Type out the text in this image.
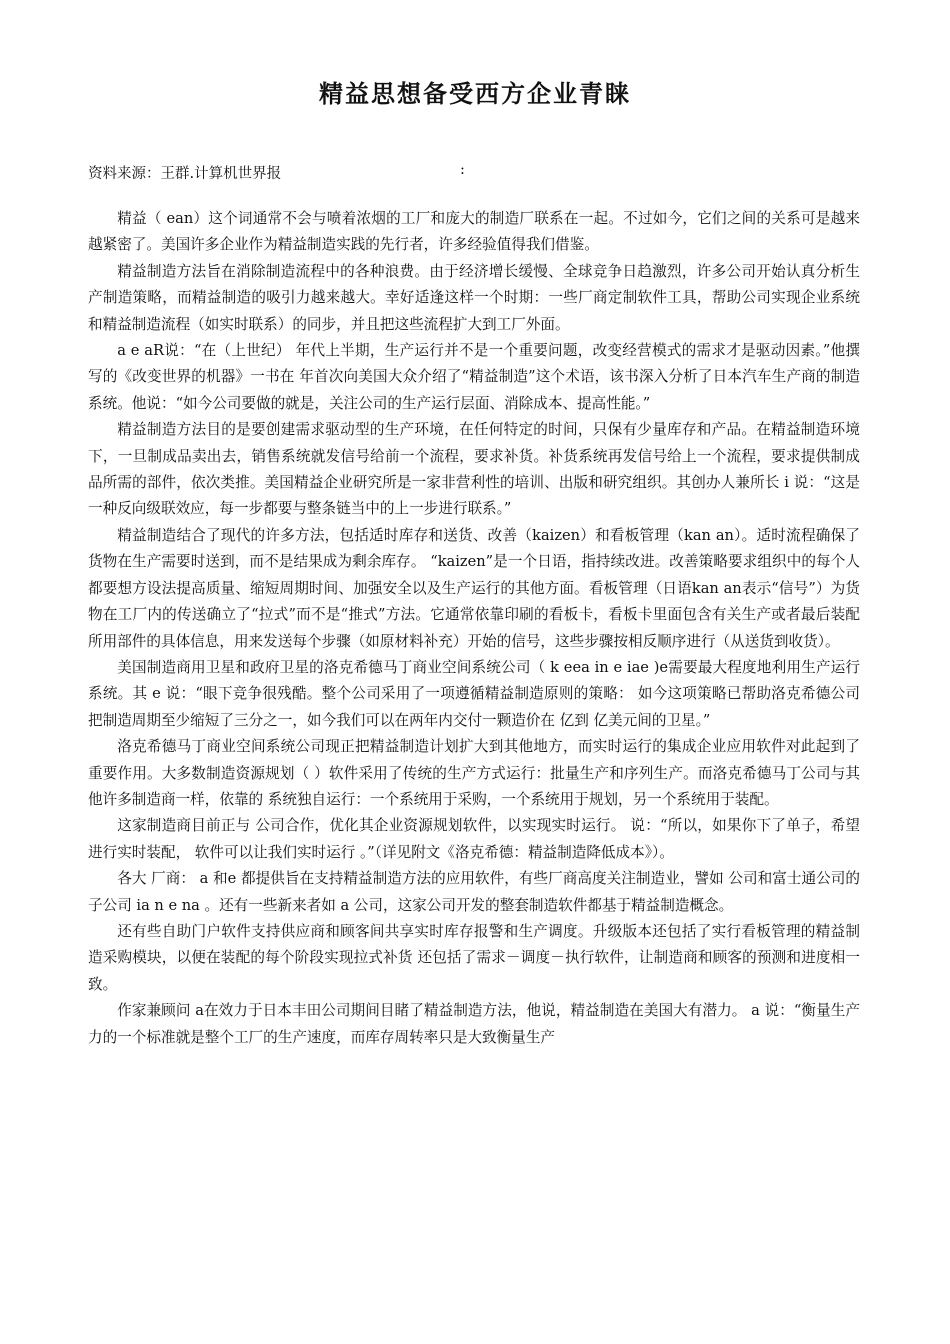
精益思想备受西方企业青睐

资料来源：王群.计算机世界报	:

精益（ ean）这个词通常不会与喷着浓烟的工厂和庞大的制造厂联系在一起。不过如今，它们之间的关系可是越来越紧密了。美国许多企业作为精益制造实践的先行者，许多经验值得我们借鉴。

精益制造方法旨在消除制造流程中的各种浪费。由于经济增长缓慢、全球竞争日趋激烈，许多公司开始认真分析生产制造策略，而精益制造的吸引力越来越大。幸好适逢这样一个时期：一些厂商定制软件工具，帮助公司实现企业系统和精益制造流程（如实时联系）的同步，并且把这些流程扩大到工厂外面。

a e aR说：“在（上世纪） 年代上半期，生产运行并不是一个重要问题，改变经营模式的需求才是驱动因素。”他撰写的《改变世界的机器》一书在 年首次向美国大众介绍了“精益制造”这个术语，该书深入分析了日本汽车生产商的制造系统。他说：“如今公司要做的就是，关注公司的生产运行层面、消除成本、提高性能。”

精益制造方法目的是要创建需求驱动型的生产环境，在任何特定的时间，只保有少量库存和产品。在精益制造环境下，一旦制成品卖出去，销售系统就发信号给前一个流程，要求补货。补货系统再发信号给上一个流程，要求提供制成品所需的部件，依次类推。美国精益企业研究所是一家非营利性的培训、出版和研究组织。其创办人兼所长 i 说：“这是一种反向级联效应，每一步都要与整条链当中的上一步进行联系。”

精益制造结合了现代的许多方法，包括适时库存和送货、改善（kaizen）和看板管理（kan an）。适时流程确保了货物在生产需要时送到，而不是结果成为剩余库存。 “kaizen”是一个日语，指持续改进。改善策略要求组织中的每个人都要想方设法提高质量、缩短周期时间、加强安全以及生产运行的其他方面。看板管理（日语kan an表示“信号”）为货物在工厂内的传送确立了“拉式”而不是“推式”方法。它通常依靠印刷的看板卡，看板卡里面包含有关生产或者最后装配所用部件的具体信息，用来发送每个步骤（如原材料补充）开始的信号，这些步骤按相反顺序进行（从送货到收货）。

美国制造商用卫星和政府卫星的洛克希德马丁商业空间系统公司（ k eea in e iae )e需要最大程度地利用生产运行系统。其 e 说：“眼下竞争很残酷。整个公司采用了一项遵循精益制造原则的策略： 如今这项策略已帮助洛克希德公司把制造周期至少缩短了三分之一，如今我们可以在两年内交付一颗造价在 亿到 亿美元间的卫星。”

洛克希德马丁商业空间系统公司现正把精益制造计划扩大到其他地方，而实时运行的集成企业应用软件对此起到了重要作用。大多数制造资源规划（ ）软件采用了传统的生产方式运行：批量生产和序列生产。而洛克希德马丁公司与其他许多制造商一样，依靠的 系统独自运行：一个系统用于采购，一个系统用于规划，另一个系统用于装配。

这家制造商目前正与 公司合作，优化其企业资源规划软件，以实现实时运行。 说：“所以，如果你下了单子，希望进行实时装配， 软件可以让我们实时运行 。”（详见附文《洛克希德：精益制造降低成本》）。

各大 厂商： a 和e 都提供旨在支持精益制造方法的应用软件，有些厂商高度关注制造业，譬如 公司和富士通公司的子公司 ia n e na 。还有一些新来者如 a 公司，这家公司开发的整套制造软件都基于精益制造概念。

还有些自助门户软件支持供应商和顾客间共享实时库存报警和生产调度。升级版本还包括了实行看板管理的精益制造采购模块，以便在装配的每个阶段实现拉式补货 还包括了需求－调度－执行软件，让制造商和顾客的预测和进度相一致。

作家兼顾问 a在效力于日本丰田公司期间目睹了精益制造方法，他说，精益制造在美国大有潜力。 a 说：“衡量生产力的一个标准就是整个工厂的生产速度，而库存周转率只是大致衡量生产
